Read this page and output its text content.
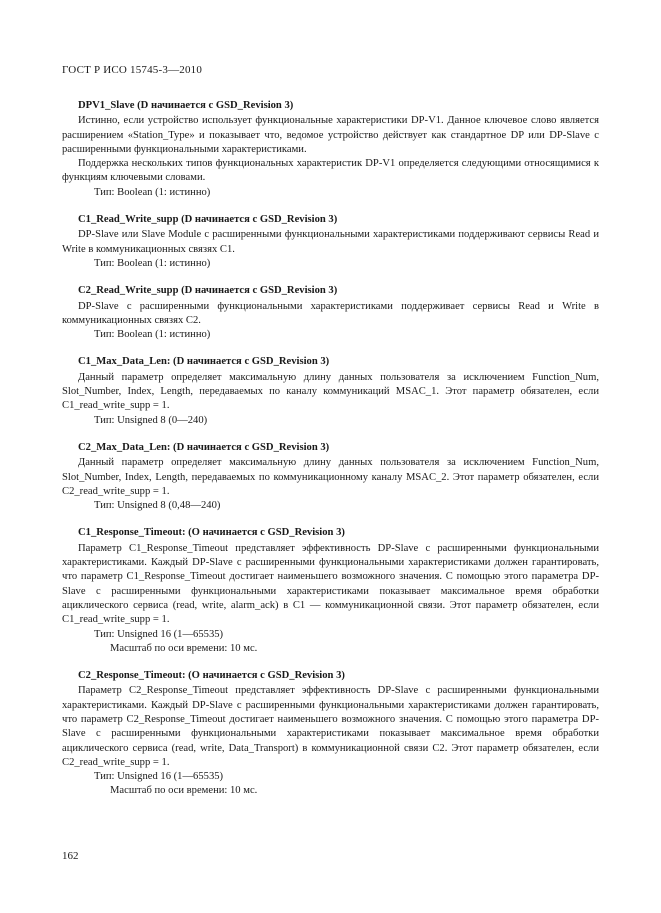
ГОСТ Р ИСО 15745-3—2010

DPV1_Slave (D начинается с GSD_Revision 3)

Истинно, если устройство использует функциональные характеристики DP-V1. Данное ключевое слово является расширением «Station_Type» и показывает что, ведомое устройство действует как стандартное DP или DP-Slave с расширенными функциональными характеристиками.

Поддержка нескольких типов функциональных характеристик DP-V1 определяется следующими относящимися к функциям ключевыми словами.

Тип: Boolean (1: истинно)

C1_Read_Write_supp (D начинается с GSD_Revision 3)

DP-Slave или Slave Module с расширенными функциональными характеристиками поддерживают сервисы Read и Write в коммуникационных связях C1.

Тип: Boolean (1: истинно)

C2_Read_Write_supp (D начинается с GSD_Revision 3)

DP-Slave с расширенными функциональными характеристиками поддерживает сервисы Read и Write в коммуникационных связях C2.

Тип: Boolean (1: истинно)

C1_Max_Data_Len: (D начинается с GSD_Revision 3)

Данный параметр определяет максимальную длину данных пользователя за исключением Function_Num, Slot_Number, Index, Length, передаваемых по каналу коммуникаций MSAC_1. Этот параметр обязателен, если C1_read_write_supp = 1.

Тип: Unsigned 8 (0—240)

C2_Max_Data_Len: (D начинается с GSD_Revision 3)

Данный параметр определяет максимальную длину данных пользователя за исключением Function_Num, Slot_Number, Index, Length, передаваемых по коммуникационному каналу MSAC_2. Этот параметр обязателен, если C2_read_write_supp = 1.

Тип: Unsigned 8 (0,48—240)

C1_Response_Timeout: (O начинается с GSD_Revision 3)

Параметр C1_Response_Timeout представляет эффективность DP-Slave с расширенными функциональными характеристиками. Каждый DP-Slave с расширенными функциональными характеристиками должен гарантировать, что параметр C1_Response_Timeout достигает наименьшего возможного значения. С помощью этого параметра DP-Slave с расширенными функциональными характеристиками показывает максимальное время обработки ациклического сервиса (read, write, alarm_ack) в C1 — коммуникационной связи. Этот параметр обязателен, если C1_read_write_supp = 1.

Тип: Unsigned 16 (1—65535)

Масштаб по оси времени: 10 мс.

C2_Response_Timeout: (O начинается с GSD_Revision 3)

Параметр C2_Response_Timeout представляет эффективность DP-Slave с расширенными функциональными характеристиками. Каждый DP-Slave с расширенными функциональными характеристиками должен гарантировать, что параметр C2_Response_Timeout достигает наименьшего возможного значения. С помощью этого параметра DP-Slave с расширенными функциональными характеристиками показывает максимальное время обработки ациклического сервиса (read, write, Data_Transport) в коммуникационной связи C2. Этот параметр обязателен, если C2_read_write_supp = 1.

Тип: Unsigned 16 (1—65535)

Масштаб по оси времени: 10 мс.

162
